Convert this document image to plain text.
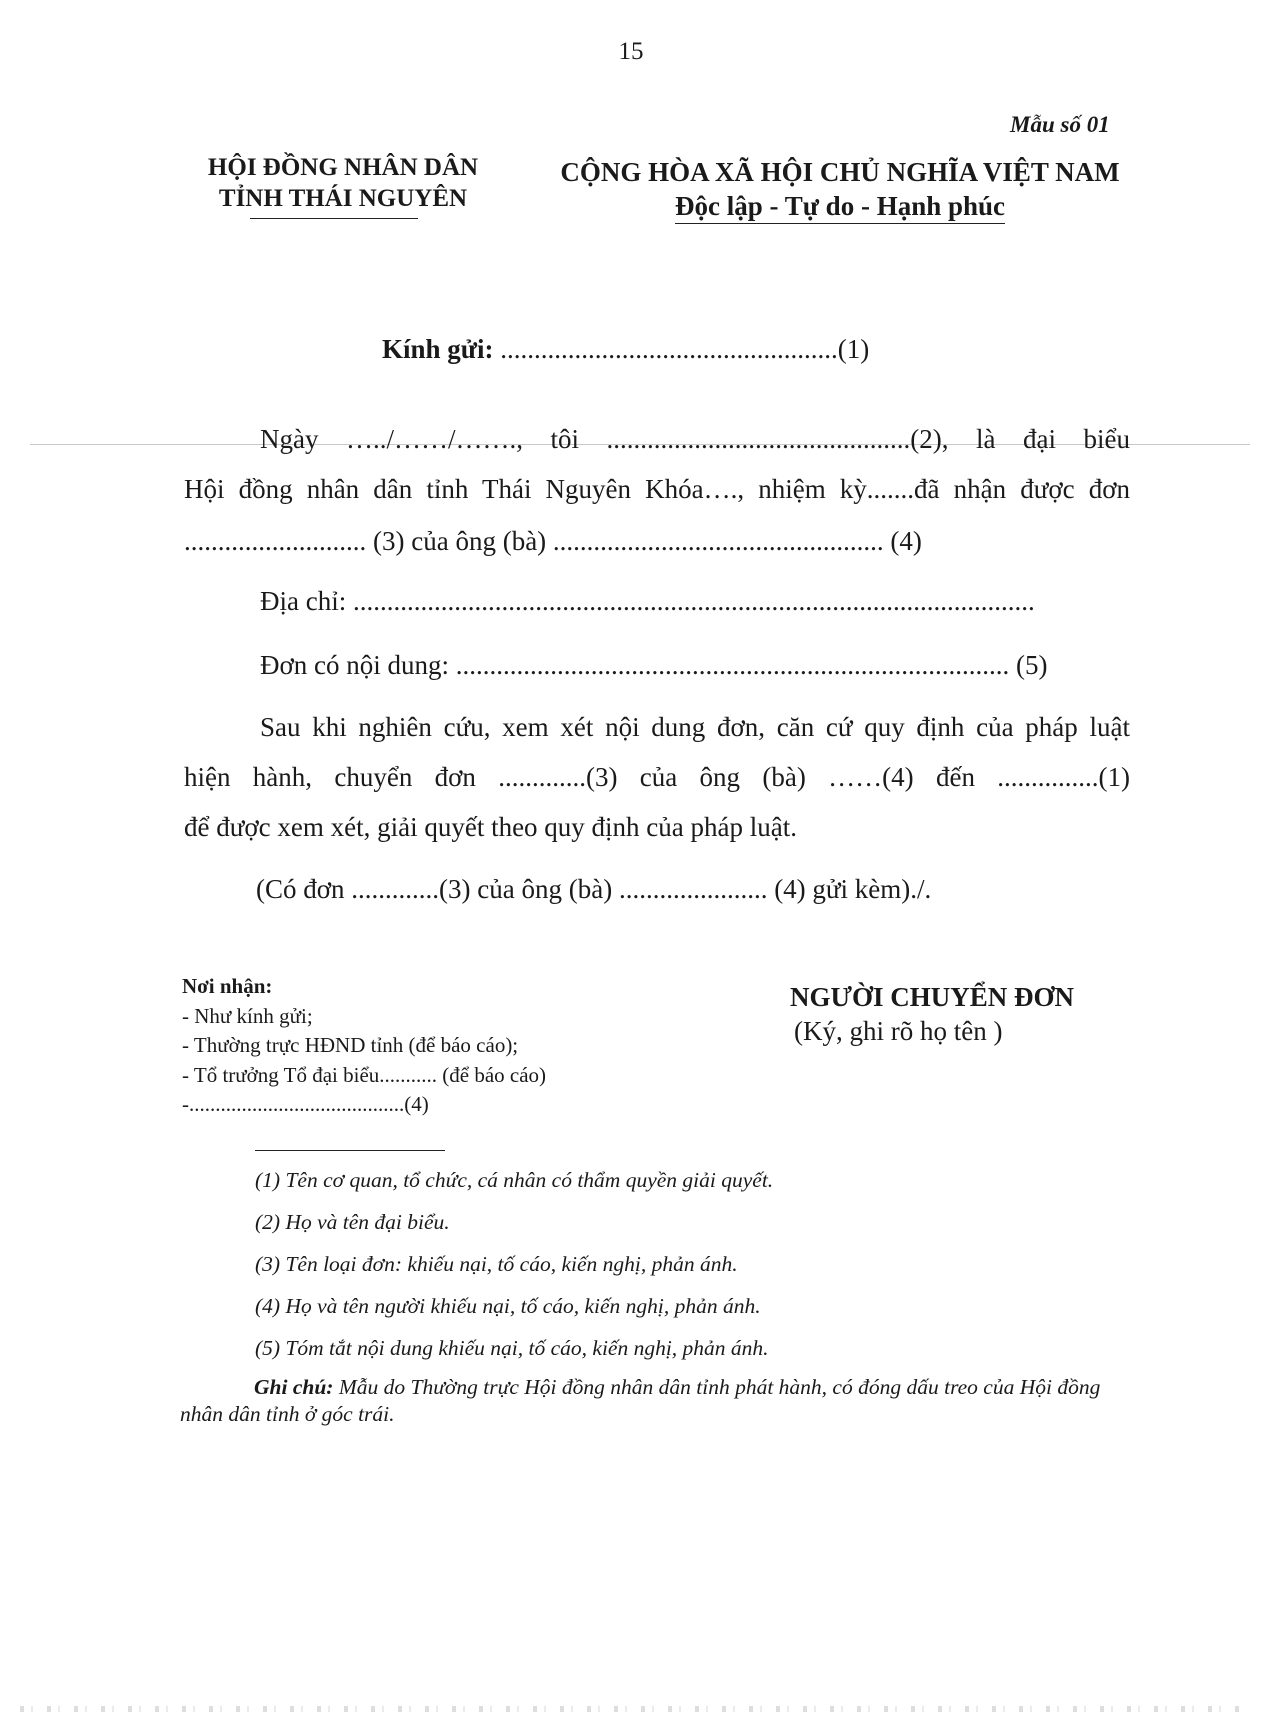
15
Mẫu số 01
HỘI ĐỒNG NHÂN DÂN
TỈNH THÁI NGUYÊN
CỘNG HÒA XÃ HỘI CHỦ NGHĨA VIỆT NAM
Độc lập - Tự do - Hạnh phúc
Kính gửi: ..................................................(1)
Ngày …../……/……., tôi .............................................(2), là đại biểu
Hội đồng nhân dân tỉnh Thái Nguyên Khóa…., nhiệm kỳ.......đã nhận được đơn
........................... (3) của ông (bà) ................................................. (4)
Địa chỉ: .....................................................................................................
Đơn có nội dung: .................................................................................. (5)
Sau khi nghiên cứu, xem xét nội dung đơn, căn cứ quy định của pháp luật
hiện hành, chuyển đơn .............(3) của ông (bà) ……(4) đến ...............(1)
để được xem xét, giải quyết theo quy định của pháp luật.
(Có đơn .............(3) của ông (bà) ...................... (4) gửi kèm)./.
Nơi nhận:
- Như kính gửi;
- Thường trực HĐND tỉnh (để báo cáo);
- Tổ trưởng Tổ đại biểu........... (để báo cáo)
-.........................................(4)
NGƯỜI CHUYỂN ĐƠN
(Ký, ghi rõ họ tên )
(1) Tên cơ quan, tổ chức, cá nhân có thẩm quyền giải quyết.
(2) Họ và tên đại biểu.
(3) Tên loại đơn: khiếu nại, tố cáo, kiến nghị, phản ánh.
(4) Họ và tên người khiếu nại, tố cáo, kiến nghị, phản ánh.
(5) Tóm tắt nội dung khiếu nại, tố cáo, kiến nghị, phản ánh.
Ghi chú: Mẫu do Thường trực Hội đồng nhân dân tỉnh phát hành, có đóng dấu treo của Hội đồng nhân dân tỉnh ở góc trái.
